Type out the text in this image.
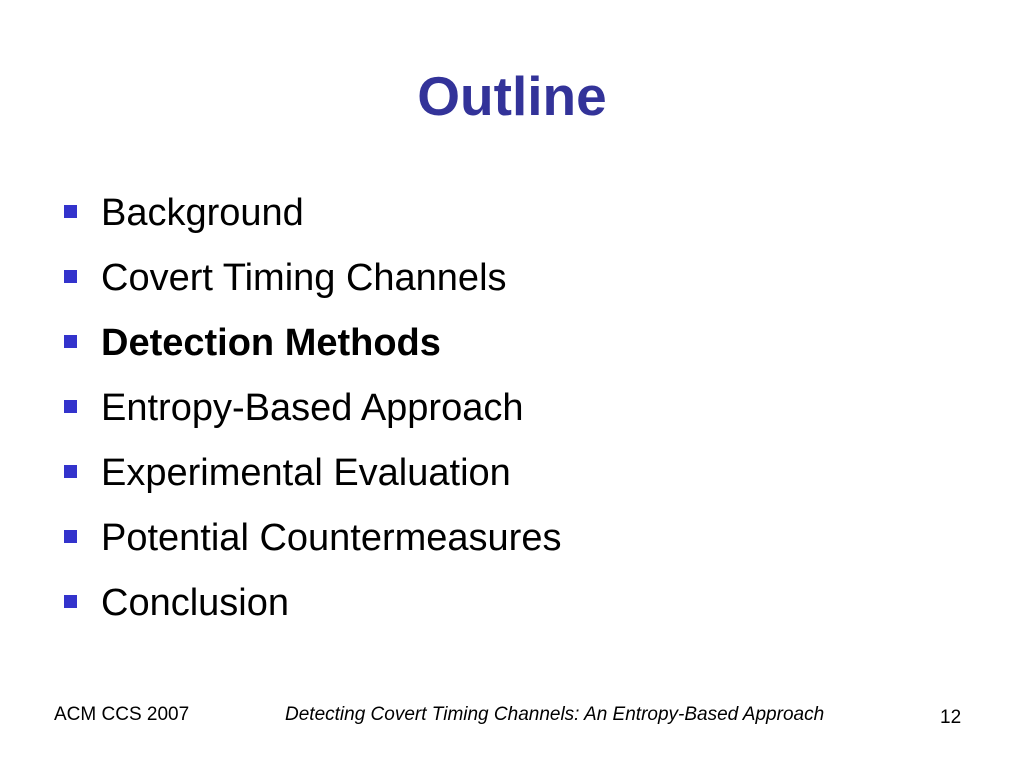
Outline
Background
Covert Timing Channels
Detection Methods
Entropy-Based Approach
Experimental Evaluation
Potential Countermeasures
Conclusion
ACM CCS 2007	Detecting Covert Timing Channels: An Entropy-Based Approach	12
